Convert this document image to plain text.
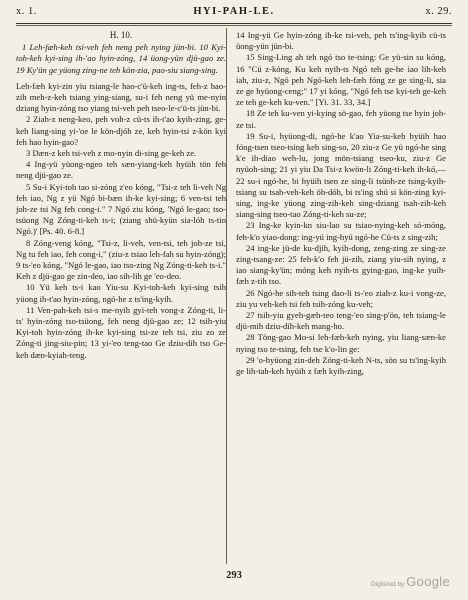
x. 1.	HYI-PAH-LE.	x. 29.
H. 10.

1 Leh-fæh-keh tsi-veh feh neng peh nying jün-bi. 10 Kyi-toh-keh kyi-sing ih-'ao hyin-zóng, 14 üong-yün djü-gao ze. 19 Ky'ün ge yüong zing-ne teh kön-zia, pao-siu siang-sing.

Leh-fæh kyi-zin yiu tsiang-le hao-c'ü-keh ing-ts, feh-z hao-zih meh-z-keh tsiang ying-siang, su-i feh neng yü me-nyin dziang hyin-zóng tso yiang tsi-veh peh tseo-le-c'ü-ts jün-bi.

2 Ziah-z neng-keo, peh voh-z cü-ts ih-t'ao kyih-zing, ge-keh liang-sing yi-'oe le kön-djóh ze, keh hyin-tsi z-kön kyi feh hao hyin-gao?

3 Dæn-z keh tsi-veh z mo-nyin di-sing ge-keh ze.

4 Ing-yü yüong-ngeo teh sæn-yiang-keh hyüih tön feh neng djü-gao ze.

5 Su-i Kyi-toh tao si-zóng z'eo kóng, "Tsi-z teh li-veh Ng feh iao, Ng z yü Ngó bi-bæn ih-ke kyi-sing; 6 ven-tsi teh joh-ze tsi Ng feh cong-i." 7 Ngó ziu kóng, 'Ngó le-gao; tso-tsüong Ng Zóng-ti-keh ts-i; (ziang shü-kyün sia-lóh ts-tin Ngó.)' [Ps. 40. 6-8.]

8 Zóng-veng kóng, "Tsi-z, li-veh, ven-tsi, teh joh-ze tsi, Ng tu feh iao, feh cong-i," (ziu-z tsiao leh-fah su hyin-zóng); 9 ts-'eo kóng, "Ngó le-gao, iao tso-zing Ng Zóng-ti-keh ts-i." Keh z djü-gao ge zin-deo, iao sih-lih ge 'eo-deo.

10 Yü keh ts-i kao Yiu-su Kyi-toh-keh kyi-sing tsih yüong ih-t'ao hyin-zóng, ngó-he z ts'ing-kyih.

11 Ven-pah-keh tsi-s me-nyih gyi-teh vong-z Zóng-ti, li-ts' hyin-zóng tso-tsüong, feh neng djü-gao ze; 12 tsih-yiu Kyi-toh hyin-zóng ih-ke kyi-sing tsi-ze teh tsi, ziu zo ze Zóng-ti jing-siu-pin; 13 yi-'eo teng-tao Ge dziu-dih tso Ge-keh dæn-kyiah-teng.

14 Ing-yü Ge hyin-zóng ih-ke tsi-veh, peh ts'ing-kyih cü-ts üong-yün jün-bi.

15 Sing-Ling ah teh ngó tso te-tsing: Ge yü-sin su kóng, 16 "Cü z-kóng, Ku keh nyih-ts Ngó teh ge-he iao lih-keh iah, ziu-z, Ngó peh Ngó-keh leh-fæh fóng ze ge sing-li, sia ze ge hyüong-ceng;" 17 yi kóng, "Ngó feh tse kyi-teh ge-keh ze teh ge-keh ku-ven." [Yi. 31. 33, 34.]

18 Ze teh ku-ven yi-kying sö-gao, feh yüong tse hyin joh-ze tsi.

19 Su-i, hyüong-di, ngó-he k'ao Yia-su-keh hyüih hao fóng-tsen tseo-tsing keh sing-so, 20 ziu-z Ge yü ngó-he sing k'e ih-diao weh-lu, jong mön-tsiang tseo-ku, ziu-z Ge nyüoh-sing; 21 yi yiu Da Tsi-z kwön-li Zóng-ti-keh ih-kó,— 22 su-i ngó-he, bi hyüih tsen ze sing-li tsüoh-ze tsing-kyih-tsiang su tsah-veh-keh öh-dóh, bi ts'ing shü si kön-zing kyi-sing, ing-ke yüong zing-zih-keh sing-dziang tsah-zih-keh siang-sing tseo-tao Zóng-ti-keh su-ze;

23 Ing-ke kyin-kn siu-lao su tsiao-nying-keh só-móng, feh-k'o yiao-dong: ing-yü ing-hyü ngó-he Cü-ts z sing-zih;

24 ing-ke jü-de ku-djih, kyih-dong, zeng-zing ze sing-ze zing-tsang-ze: 25 feh-k'o feh jü-zih, ziang yiu-sih nying, z iao siang-ky'ün; móng keh nyih-ts gying-gao, ing-ke yuih-fæh z-tih tso.

26 Ngó-he sih-teh tsing dao-li ts-'eo ziah-z ku-i vong-ze, ziu yu veh-keh tsi feh tsih-zóng ku-veh;

27 tsih-yiu gyeh-gæh-teo teng-'eo sing-p'ön, teh tsiang-le djü-mih dziu-dih-keh mang-ho.

28 Töng-gao Mo-si leh-fæh-keh nying, yiu liang-sæn-ke nying tso te-tsing, feh tse k'o-lin ge:

29 'o-hyüong zin-deh Zóng-ti-keh N-ts, sön su ts'ing-kyih ge lih-tah-keh hyüih z fæh kyih-zing,

293
Digitized by Google
